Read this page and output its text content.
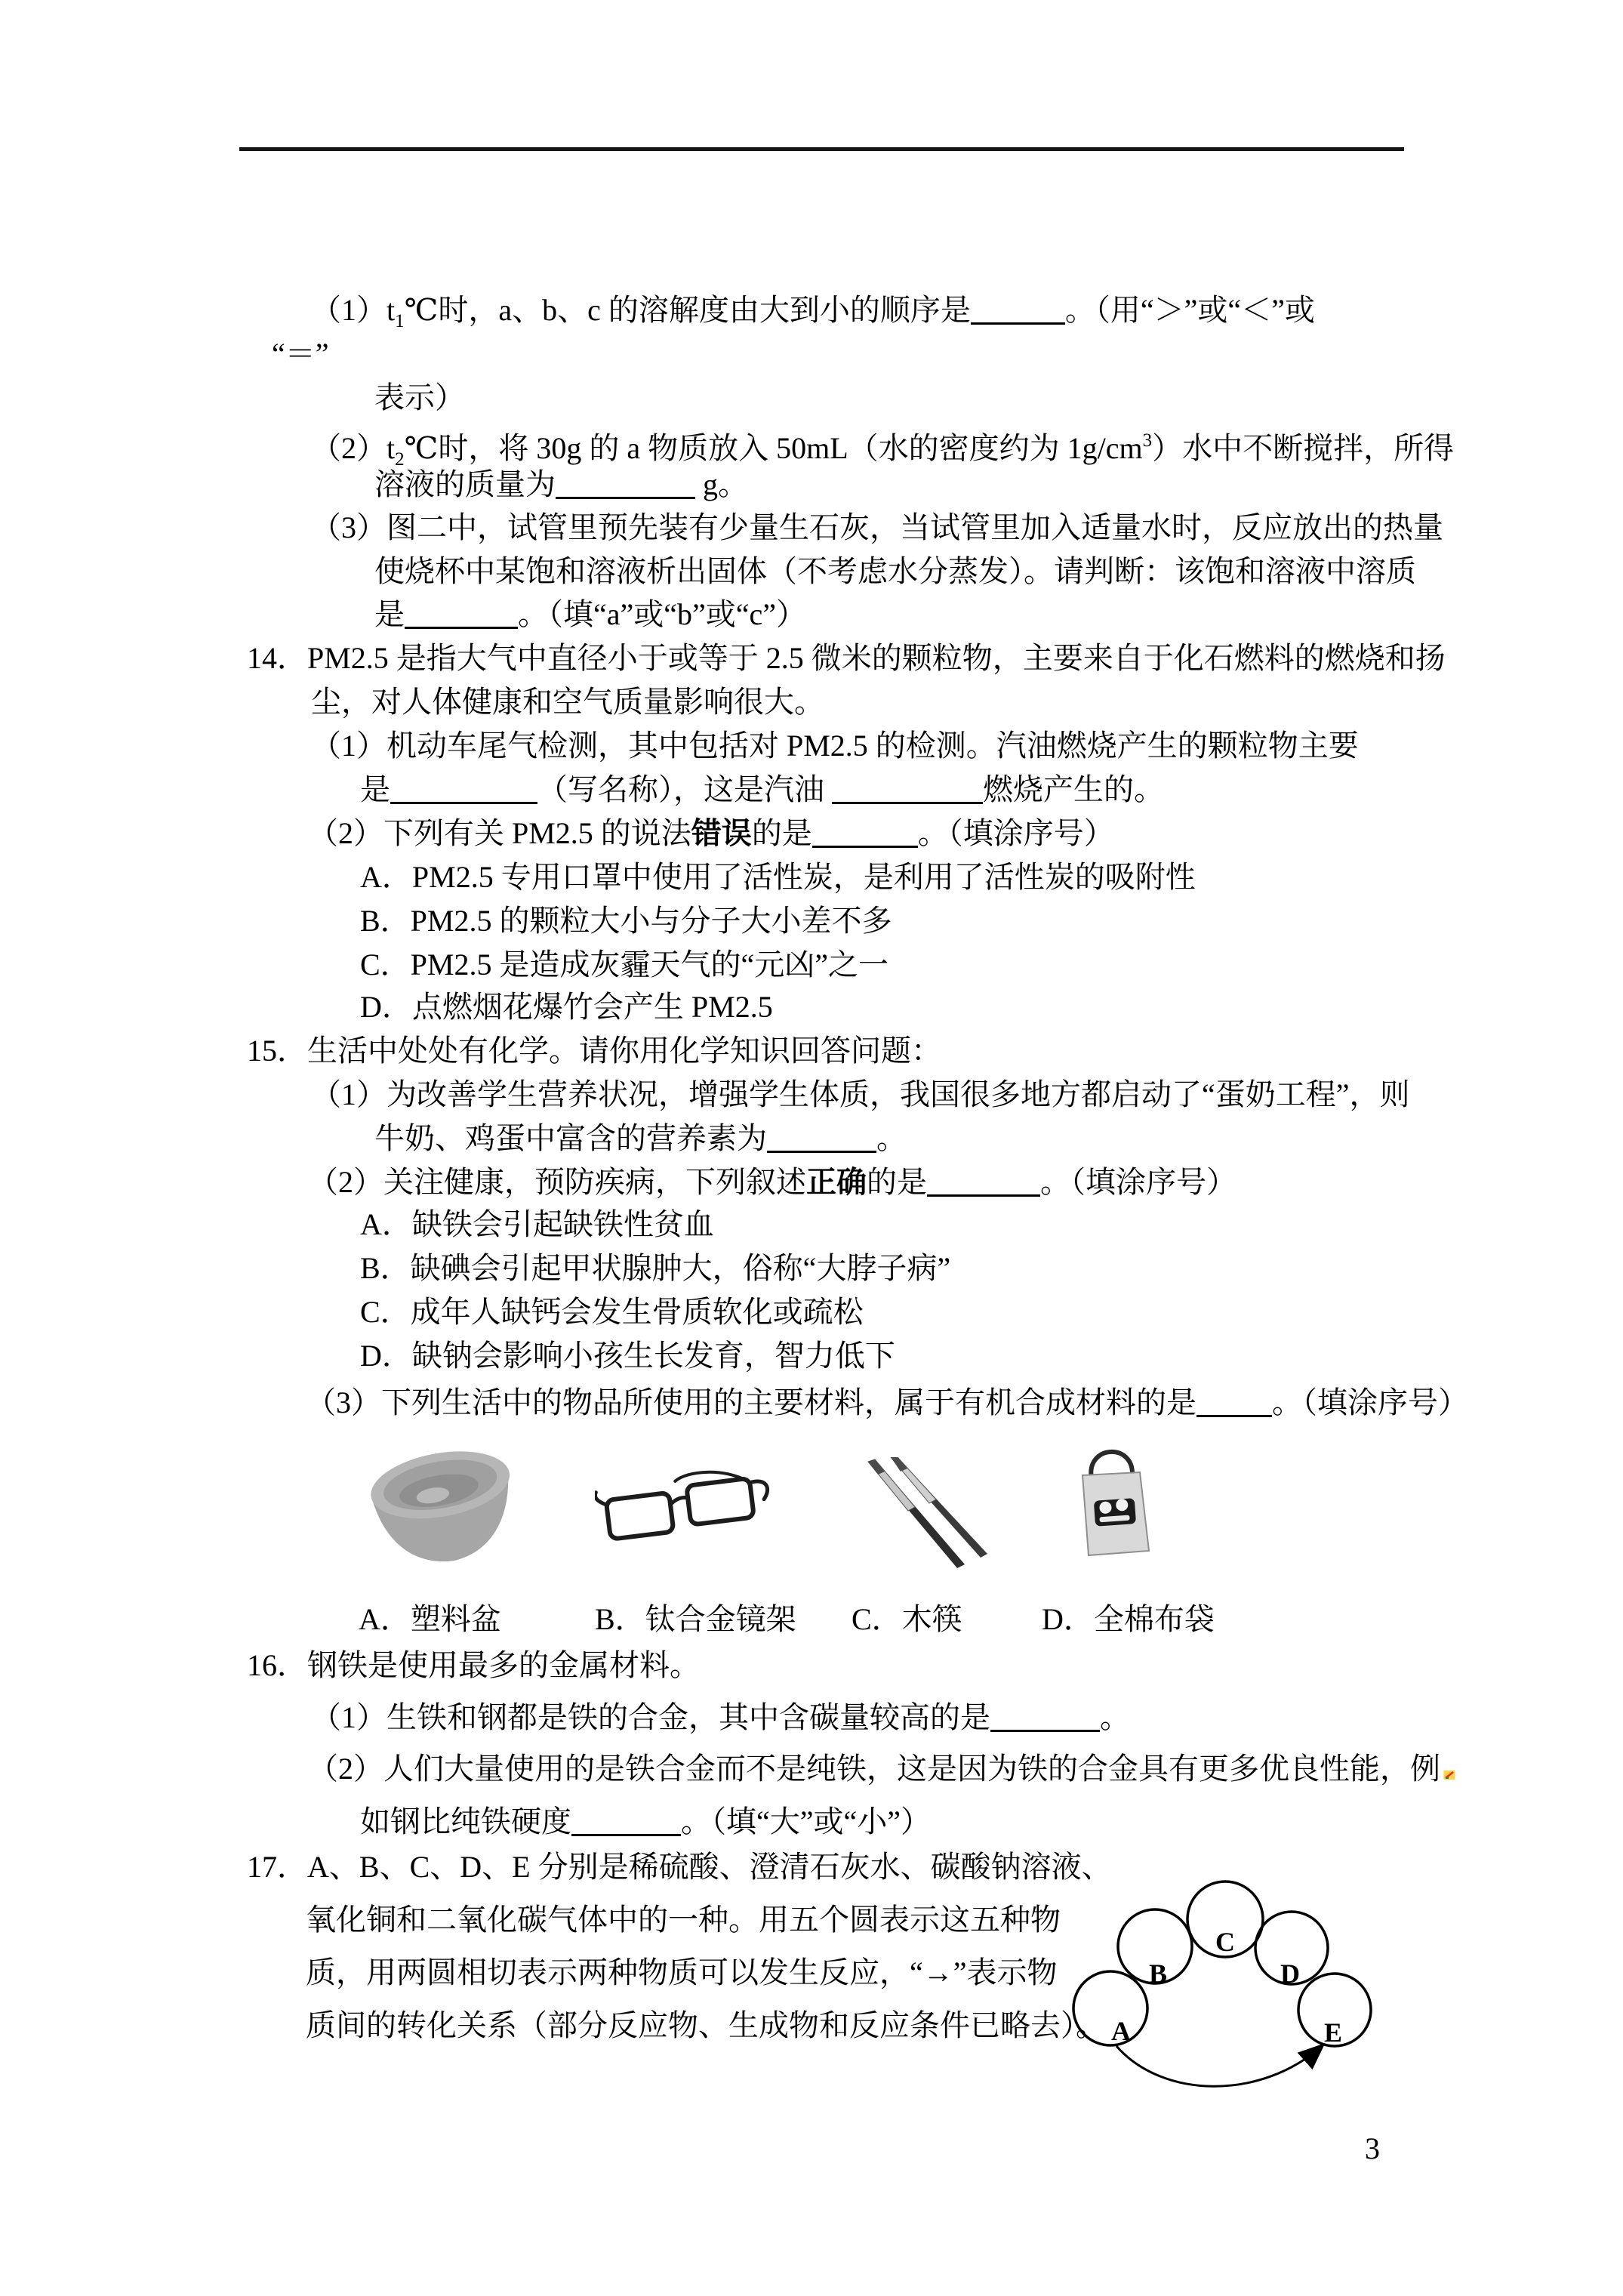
$(1)t_1℃$时，a、b、c 的溶解度由大到小的顺序是	。（用“＞”或“＜”或
“＝”
表示）
$(2)t_2℃$时，将 30g 的 a 物质放入 50mL（水的密度约为 $1g/cm^3$）水中不断搅拌，所得
溶液的质量为	g。
（3）图二中，试管里预先装有少量生石灰，当试管里加入适量水时，反应放出的热量
使烧杯中某饱和溶液析出固体（不考虑水分蒸发）。请判断：该饱和溶液中溶质
是	。（填“a”或“b”或“c”）
14．PM2.5 是指大气中直径小于或等于 2.5 微米的颗粒物，主要来自于化石燃料的燃烧和扬
尘，对人体健康和空气质量影响很大。
（1）机动车尾气检测，其中包括对 PM2.5 的检测。汽油燃烧产生的颗粒物主要
是	（写名称），这是汽油	燃烧产生的。
（2）下列有关 PM2.5 的说法错误的是	。（填涂序号）
A．PM2.5 专用口罩中使用了活性炭，是利用了活性炭的吸附性
B．PM2.5 的颗粒大小与分子大小差不多
C．PM2.5 是造成灰霾天气的“元凶”之一
D．点燃烟花爆竹会产生 PM2.5
15．生活中处处有化学。请你用化学知识回答问题：
（1）为改善学生营养状况，增强学生体质，我国很多地方都启动了“蛋奶工程”，则
牛奶、鸡蛋中富含的营养素为	。
（2）关注健康，预防疾病，下列叙述正确的是	。（填涂序号）
A．缺铁会引起缺铁性贫血
B．缺碘会引起甲状腺肿大，俗称“大脖子病”
C．成年人缺钙会发生骨质软化或疏松
D．缺钠会影响小孩生长发育，智力低下
（3）下列生活中的物品所使用的主要材料，属于有机合成材料的是	。（填涂序号）
A．塑料盆	B．钛合金镜架 C．木筷	D．全棉布袋
16．钢铁是使用最多的金属材料。
（1）生铁和钢都是铁的合金，其中含碳量较高的是	。
（2）人们大量使用的是铁合金而不是纯铁，这是因为铁的合金具有更多优良性能，例
如钢比纯铁硬度	。（填“大”或“小”）
17．A、B、C、D、E 分别是稀硫酸、澄清石灰水、碳酸钠溶液、
氧化铜和二氧化碳气体中的一种。用五个圆表示这五种物
质，用两圆相切表示两种物质可以发生反应，“→”表示物
质间的转化关系（部分反应物、生成物和反应条件已略去）。 A
B
C
D
E
3
